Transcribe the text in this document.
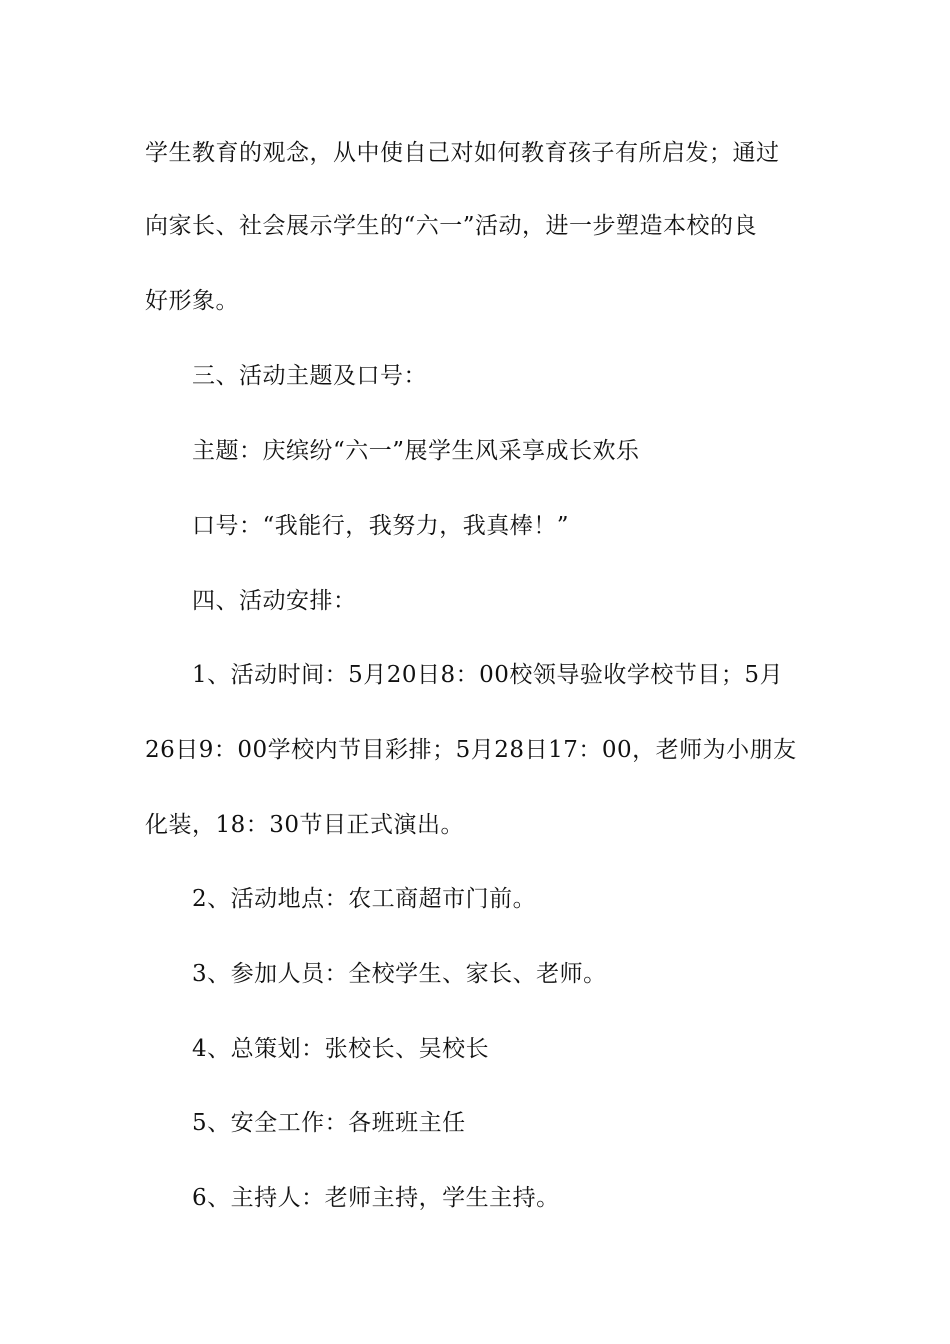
学生教育的观念，从中使自己对如何教育孩子有所启发；通过

向家长、社会展示学生的“六一”活动，进一步塑造本校的良

好形象。

三、活动主题及口号：

主题：庆缤纷“六一”展学生风采享成长欢乐

口号：“我能行，我努力，我真棒！”

四、活动安排：

1、活动时间：5月20日8：00校领导验收学校节目；5月

26日9：00学校内节目彩排；5月28日17：00，老师为小朋友

化装，18：30节目正式演出。

2、活动地点：农工商超市门前。

3、参加人员：全校学生、家长、老师。

4、总策划：张校长、吴校长

5、安全工作：各班班主任

6、主持人：老师主持，学生主持。
